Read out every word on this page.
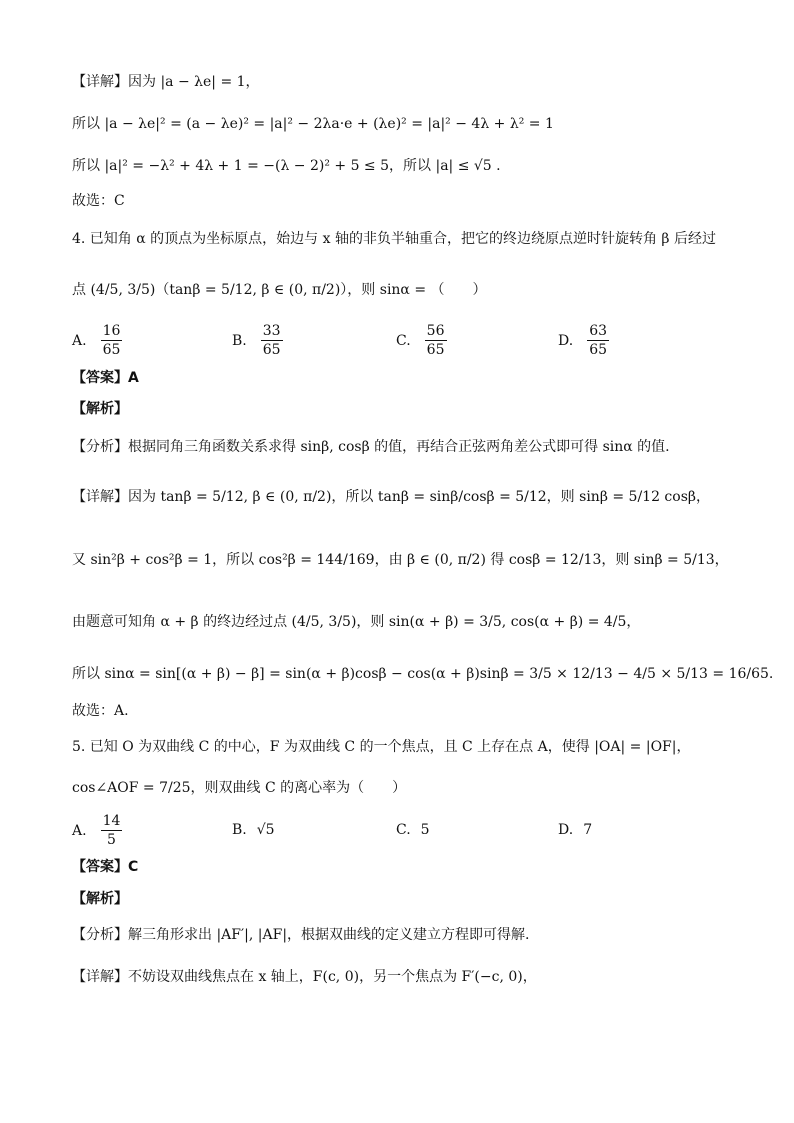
【详解】因为 |a − λe| = 1，
所以 |a − λe|² = (a − λe)² = |a|² − 2λa·e + (λe)² = |a|² − 4λ + λ² = 1
所以 |a|² = −λ² + 4λ + 1 = −(λ − 2)² + 5 ≤ 5，所以 |a| ≤ √5 .
故选：C
4. 已知角 α 的顶点为坐标原点，始边与 x 轴的非负半轴重合，把它的终边绕原点逆时针旋转角 β 后经过
点 (4/5, 3/5)（tanβ = 5/12, β ∈ (0, π/2)），则 sinα = （　　）
A. $\frac{16}{65}$	B. $\frac{33}{65}$	C. $\frac{56}{65}$	D. $\frac{63}{65}$
【答案】A
【解析】
【分析】根据同角三角函数关系求得 sinβ, cosβ 的值，再结合正弦两角差公式即可得 sinα 的值.
【详解】因为 tanβ = 5/12, β ∈ (0, π/2)，所以 tanβ = sinβ/cosβ = 5/12，则 sinβ = 5/12 cosβ，
又 sin²β + cos²β = 1，所以 cos²β = 144/169，由 β ∈ (0, π/2) 得 cosβ = 12/13，则 sinβ = 5/13，
由题意可知角 α + β 的终边经过点 (4/5, 3/5)，则 sin(α + β) = 3/5, cos(α + β) = 4/5，
所以 sinα = sin[(α + β) − β] = sin(α + β)cosβ − cos(α + β)sinβ = 3/5 × 12/13 − 4/5 × 5/13 = 16/65.
故选：A.
5. 已知 O 为双曲线 C 的中心，F 为双曲线 C 的一个焦点，且 C 上存在点 A，使得 |OA| = |OF|，
cos∠AOF = 7/25，则双曲线 C 的离心率为（　　）
A. $\frac{14}{5}$	B. √5	C. 5	D. 7
【答案】C
【解析】
【分析】解三角形求出 |AF′|, |AF|，根据双曲线的定义建立方程即可得解.
【详解】不妨设双曲线焦点在 x 轴上，F(c, 0)，另一个焦点为 F′(−c, 0)，
